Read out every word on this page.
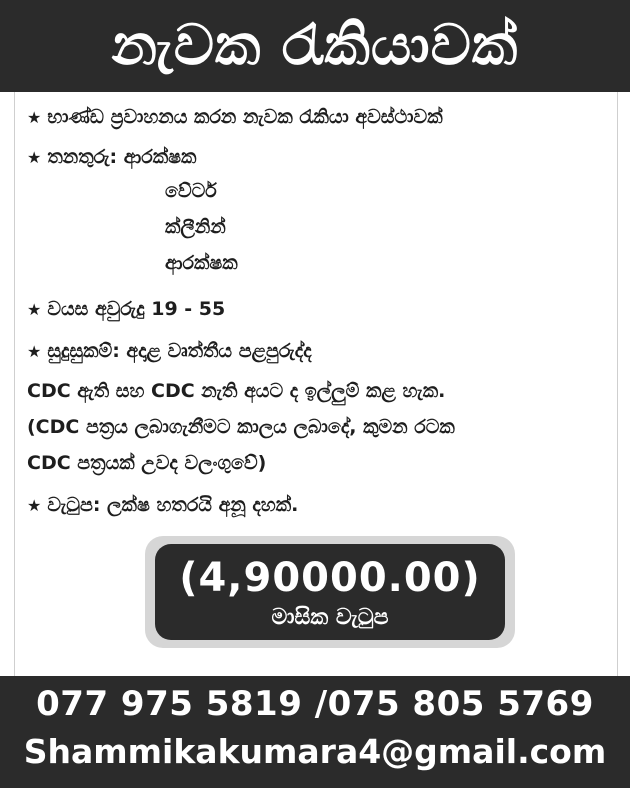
නැවක රැකියාවක්
★ භාණ්ඩ ප්‍රවාහනය කරන නැවක රැකියා අවස්ථාවක්
★ තනතුරු: ආරක්ෂක
වේටර්
ක්ලීනින්
ආරක්ෂක
★ වයස අවුරුදු 19 - 55
★ සුදුසුකම්: අදාළ වෘත්තීය පළපුරුද්ද
CDC ඇති සහ CDC නැති අයට ද ඉල්ලුම් කළ හැක.
(CDC පත්‍රය ලබාගැනීමට කාලය ලබාදේ, කුමන රටක
CDC පත්‍රයක් උවද වලංගුවේ)
★ වැටුප: ලක්ෂ හතරයි අනූ දහක්.
(4,90000.00)
මාසික වැටුප
077 975 5819 /075 805 5769
Shammikakumara4@gmail.com
